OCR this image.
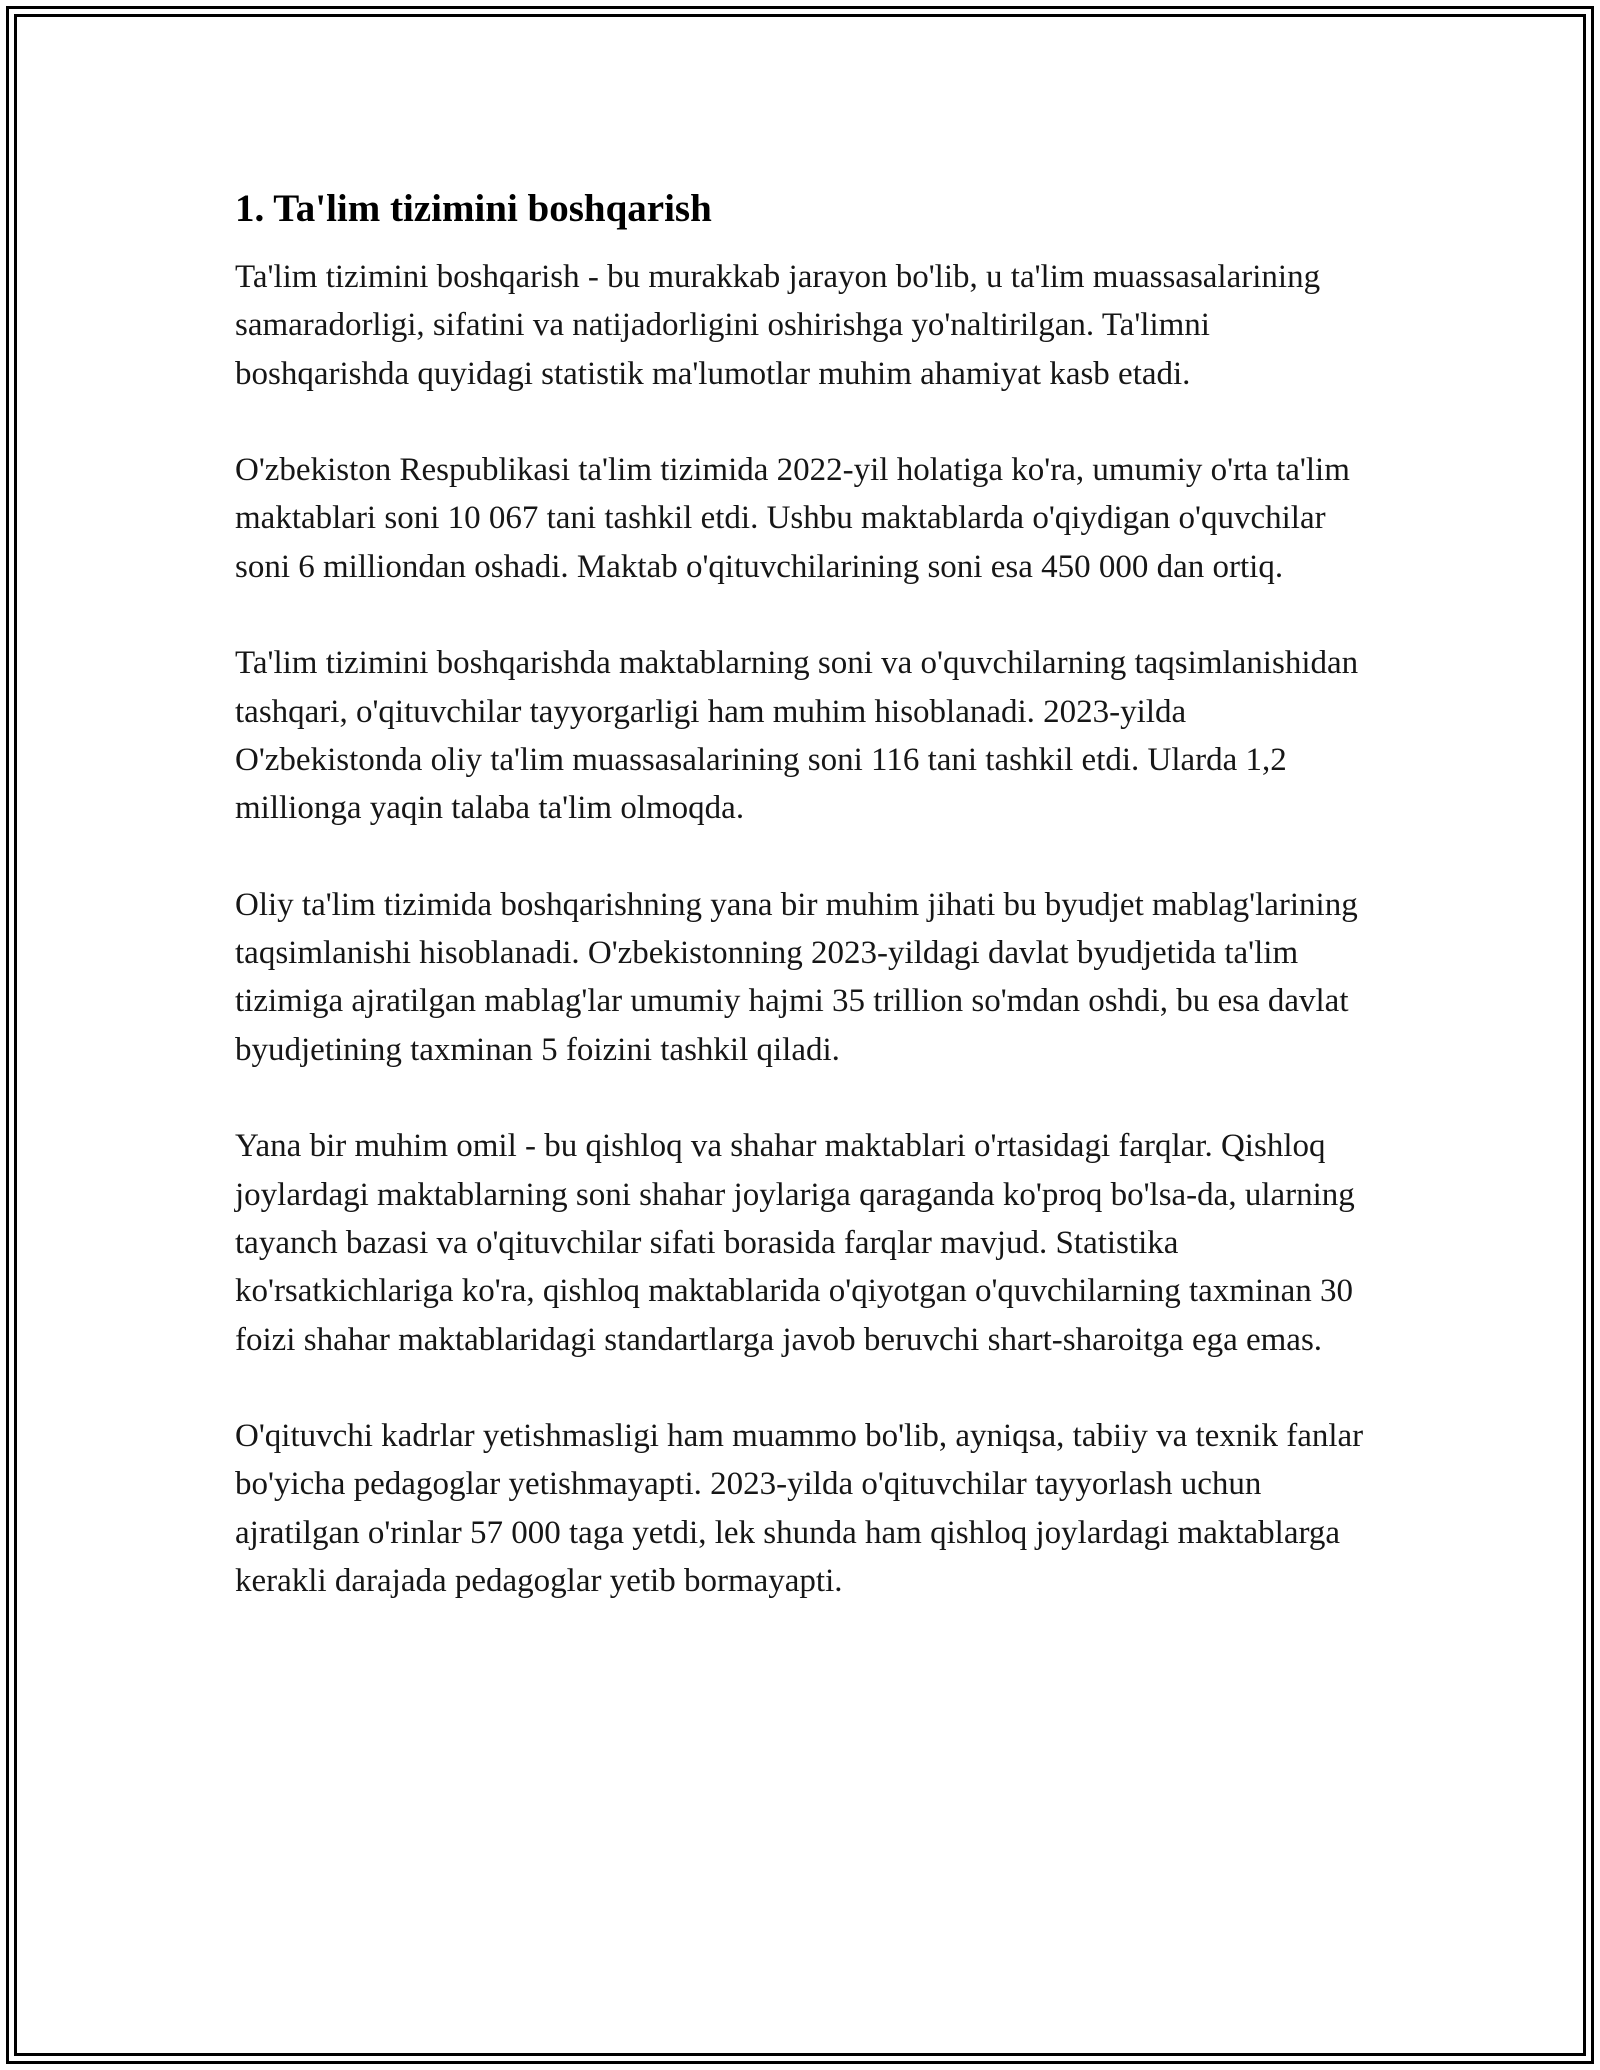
1. Ta'lim tizimini boshqarish

Ta'lim tizimini boshqarish - bu murakkab jarayon bo'lib, u ta'lim muassasalarining samaradorligi, sifatini va natijadorligini oshirishga yo'naltirilgan. Ta'limni boshqarishda quyidagi statistik ma'lumotlar muhim ahamiyat kasb etadi.

O'zbekiston Respublikasi ta'lim tizimida 2022-yil holatiga ko'ra, umumiy o'rta ta'lim maktablari soni 10 067 tani tashkil etdi. Ushbu maktablarda o'qiydigan o'quvchilar soni 6 milliondan oshadi. Maktab o'qituvchilarining soni esa 450 000 dan ortiq.

Ta'lim tizimini boshqarishda maktablarning soni va o'quvchilarning taqsimlanishidan tashqari, o'qituvchilar tayyorgarligi ham muhim hisoblanadi. 2023-yilda O'zbekistonda oliy ta'lim muassasalarining soni 116 tani tashkil etdi. Ularda 1,2 millionga yaqin talaba ta'lim olmoqda.

Oliy ta'lim tizimida boshqarishning yana bir muhim jihati bu byudjet mablag'larining taqsimlanishi hisoblanadi. O'zbekistonning 2023-yildagi davlat byudjetida ta'lim tizimiga ajratilgan mablag'lar umumiy hajmi 35 trillion so'mdan oshdi, bu esa davlat byudjetining taxminan 5 foizini tashkil qiladi.

Yana bir muhim omil - bu qishloq va shahar maktablari o'rtasidagi farqlar. Qishloq joylardagi maktablarning soni shahar joylariga qaraganda ko'proq bo'lsa-da, ularning tayanch bazasi va o'qituvchilar sifati borasida farqlar mavjud. Statistika ko'rsatkichlariga ko'ra, qishloq maktablarida o'qiyotgan o'quvchilarning taxminan 30 foizi shahar maktablaridagi standartlarga javob beruvchi shart-sharoitga ega emas.

O'qituvchi kadrlar yetishmasligi ham muammo bo'lib, ayniqsa, tabiiy va texnik fanlar bo'yicha pedagoglar yetishmayapti. 2023-yilda o'qituvchilar tayyorlash uchun ajratilgan o'rinlar 57 000 taga yetdi, lek shunda ham qishloq joylardagi maktablarga kerakli darajada pedagoglar yetib bormayapti.
